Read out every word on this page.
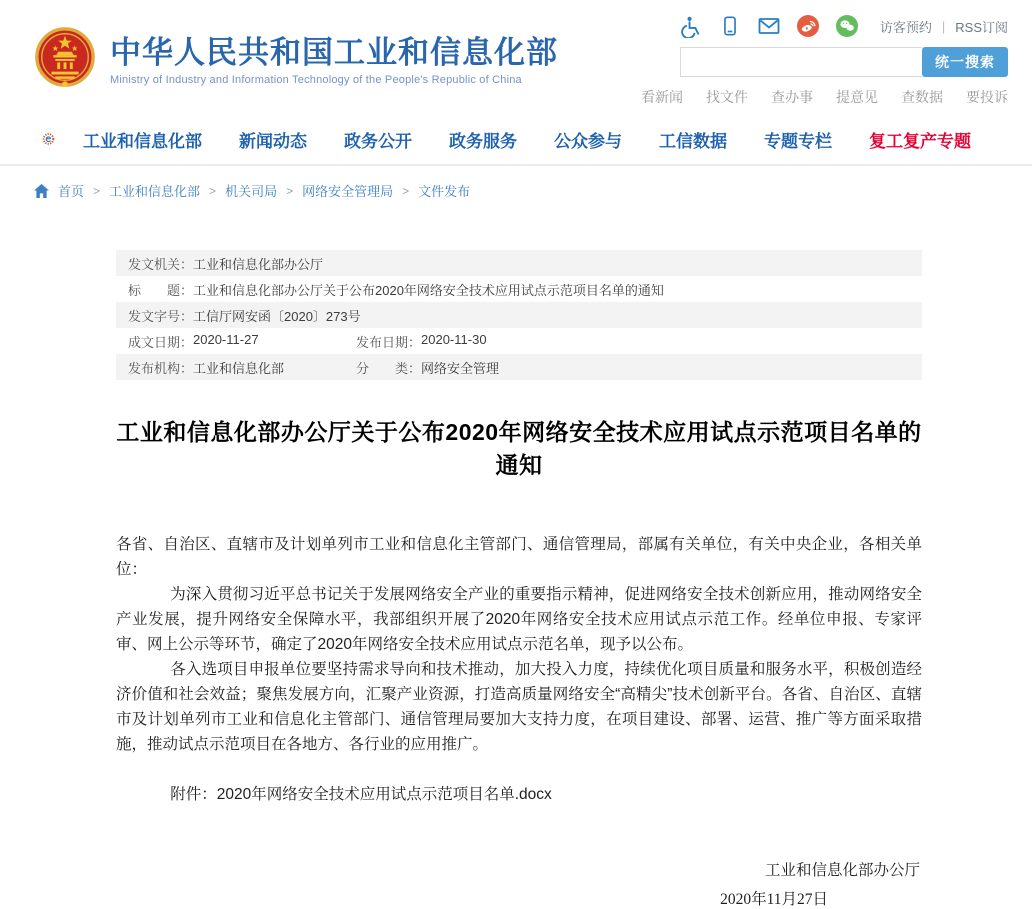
中华人民共和国工业和信息化部
Ministry of Industry and Information Technology of the People's Republic of China
访客预约 | RSS订阅
统一搜索
看新闻 找文件 查办事 提意见 查数据 要投诉
工业和信息化部 新闻动态 政务公开 政务服务 公众参与 工信数据 专题专栏 复工复产专题
首页 > 工业和信息化部 > 机关司局 > 网络安全管理局 > 文件发布
发文机关： 工业和信息化部办公厅
标　　题： 工业和信息化部办公厅关于公布2020年网络安全技术应用试点示范项目名单的通知
发文字号： 工信厅网安函〔2020〕273号
成文日期： 2020-11-27	发布日期： 2020-11-30
发布机构： 工业和信息化部	分　　类： 网络安全管理
工业和信息化部办公厅关于公布2020年网络安全技术应用试点示范项目名单的通知

各省、自治区、直辖市及计划单列市工业和信息化主管部门、通信管理局，部属有关单位，有关中央企业，各相关单位：

为深入贯彻习近平总书记关于发展网络安全产业的重要指示精神，促进网络安全技术创新应用，推动网络安全产业发展，提升网络安全保障水平，我部组织开展了2020年网络安全技术应用试点示范工作。经单位申报、专家评审、网上公示等环节，确定了2020年网络安全技术应用试点示范名单，现予以公布。

各入选项目申报单位要坚持需求导向和技术推动，加大投入力度，持续优化项目质量和服务水平，积极创造经济价值和社会效益；聚焦发展方向，汇聚产业资源，打造高质量网络安全“高精尖”技术创新平台。各省、自治区、直辖市及计划单列市工业和信息化主管部门、通信管理局要加大支持力度，在项目建设、部署、运营、推广等方面采取措施，推动试点示范项目在各地方、各行业的应用推广。

附件：2020年网络安全技术应用试点示范项目名单.docx
工业和信息化部办公厅
2020年11月27日
